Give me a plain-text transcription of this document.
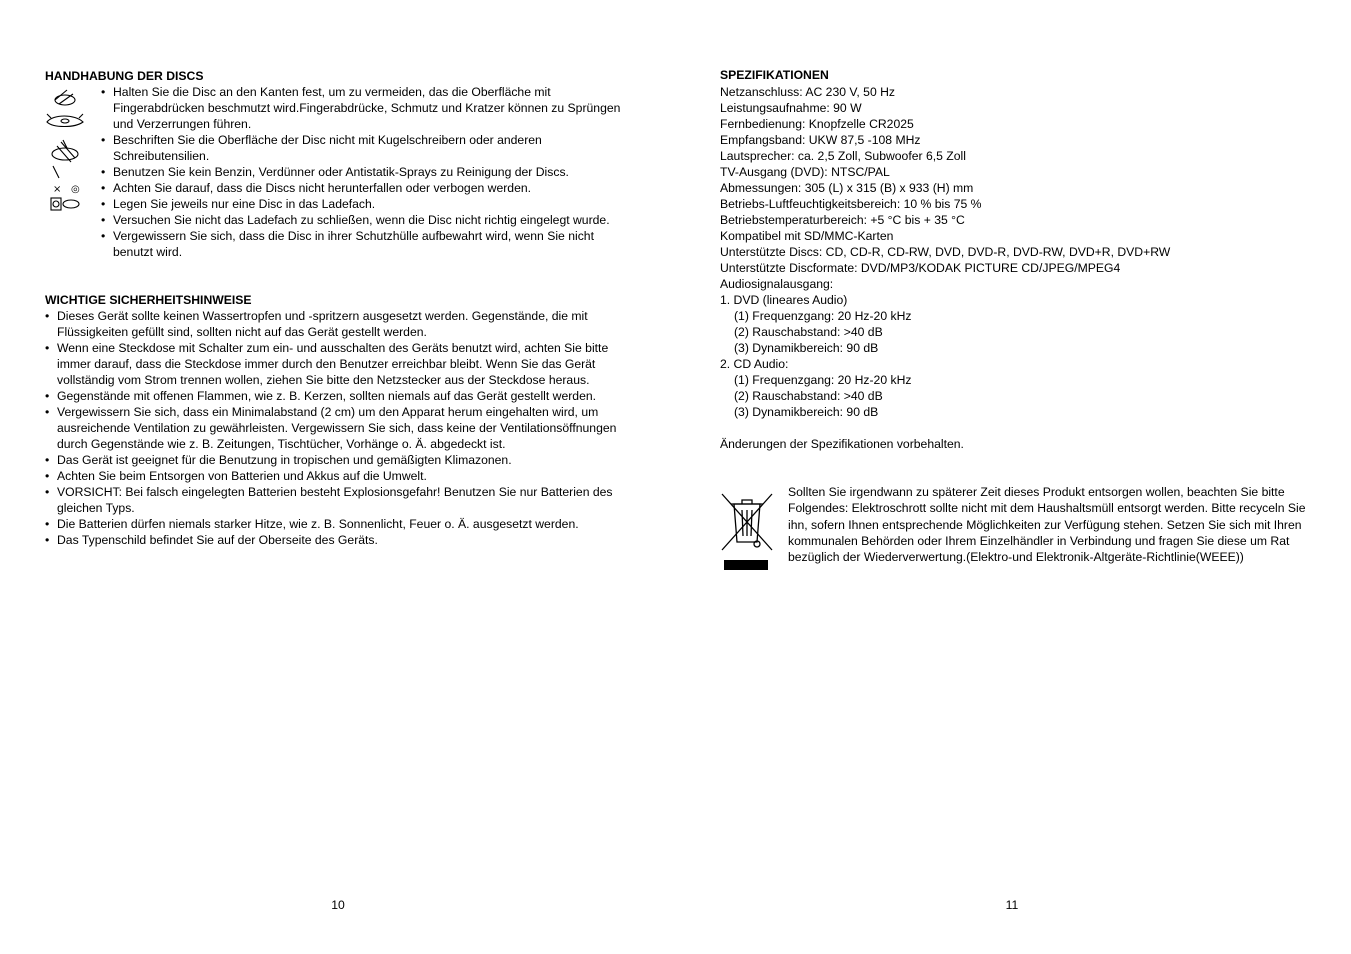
HANDHABUNG DER DISCS
× ◎
• Halten Sie die Disc an den Kanten fest, um zu vermeiden, das die Oberfläche mit Fingerabdrücken beschmutzt wird.Fingerabdrücke, Schmutz und Kratzer können zu Sprüngen und Verzerrungen führen.
• Beschriften Sie die Oberfläche der Disc nicht mit Kugelschreibern oder anderen Schreibutensilien.
• Benutzen Sie kein Benzin, Verdünner oder Antistatik-Sprays zu Reinigung der Discs.
• Achten Sie darauf, dass die Discs nicht herunterfallen oder verbogen werden.
• Legen Sie jeweils nur eine Disc in das Ladefach.
• Versuchen Sie nicht das Ladefach zu schließen, wenn die Disc nicht richtig eingelegt wurde.
• Vergewissern Sie sich, dass die Disc in ihrer Schutzhülle aufbewahrt wird, wenn Sie nicht benutzt wird.
WICHTIGE SICHERHEITSHINWEISE
• Dieses Gerät sollte keinen Wassertropfen und -spritzern ausgesetzt werden. Gegenstände, die mit Flüssigkeiten gefüllt sind, sollten nicht auf das Gerät gestellt werden.
• Wenn eine Steckdose mit Schalter zum ein- und ausschalten des Geräts benutzt wird, achten Sie bitte immer darauf, dass die Steckdose immer durch den Benutzer erreichbar bleibt. Wenn Sie das Gerät vollständig vom Strom trennen wollen, ziehen Sie bitte den Netzstecker aus der Steckdose heraus.
• Gegenstände mit offenen Flammen, wie z. B. Kerzen, sollten niemals auf das Gerät gestellt werden.
• Vergewissern Sie sich, dass ein Minimalabstand (2 cm) um den Apparat herum eingehalten wird, um ausreichende Ventilation zu gewährleisten. Vergewissern Sie sich, dass keine der Ventilationsöffnungen durch Gegenstände wie z. B. Zeitungen, Tischtücher, Vorhänge o. Ä. abgedeckt ist.
• Das Gerät ist geeignet für die Benutzung in tropischen und gemäßigten Klimazonen.
• Achten Sie beim Entsorgen von Batterien und Akkus auf die Umwelt.
• VORSICHT: Bei falsch eingelegten Batterien besteht Explosionsgefahr! Benutzen Sie nur Batterien des gleichen Typs.
• Die Batterien dürfen niemals starker Hitze, wie z. B. Sonnenlicht, Feuer o. Ä. ausgesetzt werden.
• Das Typenschild befindet Sie auf der Oberseite des Geräts.
10
SPEZIFIKATIONEN
Netzanschluss: AC 230 V, 50 Hz
Leistungsaufnahme: 90 W
Fernbedienung: Knopfzelle CR2025
Empfangsband: UKW 87,5 -108 MHz
Lautsprecher: ca. 2,5 Zoll, Subwoofer 6,5 Zoll
TV-Ausgang (DVD): NTSC/PAL
Abmessungen: 305 (L) x 315 (B) x 933 (H) mm
Betriebs-Luftfeuchtigkeitsbereich: 10 % bis 75 %
Betriebstemperaturbereich: +5 °C bis + 35 °C
Kompatibel mit SD/MMC-Karten
Unterstützte Discs: CD, CD-R, CD-RW, DVD, DVD-R, DVD-RW, DVD+R, DVD+RW
Unterstützte Discformate: DVD/MP3/KODAK PICTURE CD/JPEG/MPEG4
Audiosignalausgang:
1. DVD (lineares Audio)
(1) Frequenzgang: 20 Hz-20 kHz
(2) Rauschabstand: >40 dB
(3) Dynamikbereich: 90 dB
2. CD Audio:
(1) Frequenzgang: 20 Hz-20 kHz
(2) Rauschabstand: >40 dB
(3) Dynamikbereich: 90 dB
Änderungen der Spezifikationen vorbehalten.
Sollten Sie irgendwann zu späterer Zeit dieses Produkt entsorgen wollen, beachten Sie bitte Folgendes: Elektroschrott sollte nicht mit dem Haushaltsmüll entsorgt werden. Bitte recyceln Sie ihn, sofern Ihnen entsprechende Möglichkeiten zur Verfügung stehen. Setzen Sie sich mit Ihren kommunalen Behörden oder Ihrem Einzelhändler in Verbindung und fragen Sie diese um Rat bezüglich der Wiederverwertung.(Elektro-und Elektronik-Altgeräte-Richtlinie(WEEE))
11
